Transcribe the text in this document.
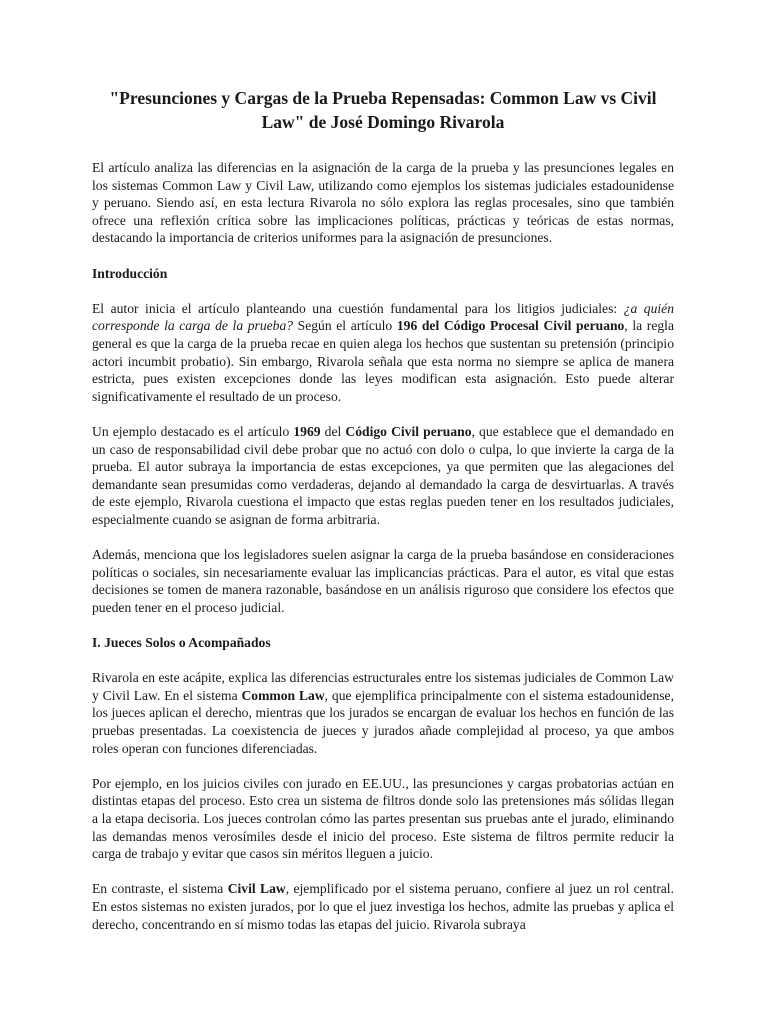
"Presunciones y Cargas de la Prueba Repensadas: Common Law vs Civil Law" de José Domingo Rivarola

El artículo analiza las diferencias en la asignación de la carga de la prueba y las presunciones legales en los sistemas Common Law y Civil Law, utilizando como ejemplos los sistemas judiciales estadounidense y peruano. Siendo así, en esta lectura Rivarola no sólo explora las reglas procesales, sino que también ofrece una reflexión crítica sobre las implicaciones políticas, prácticas y teóricas de estas normas, destacando la importancia de criterios uniformes para la asignación de presunciones.

Introducción

El autor inicia el artículo planteando una cuestión fundamental para los litigios judiciales: ¿a quién corresponde la carga de la prueba? Según el artículo 196 del Código Procesal Civil peruano, la regla general es que la carga de la prueba recae en quien alega los hechos que sustentan su pretensión (principio actori incumbit probatio). Sin embargo, Rivarola señala que esta norma no siempre se aplica de manera estricta, pues existen excepciones donde las leyes modifican esta asignación. Esto puede alterar significativamente el resultado de un proceso.

Un ejemplo destacado es el artículo 1969 del Código Civil peruano, que establece que el demandado en un caso de responsabilidad civil debe probar que no actuó con dolo o culpa, lo que invierte la carga de la prueba. El autor subraya la importancia de estas excepciones, ya que permiten que las alegaciones del demandante sean presumidas como verdaderas, dejando al demandado la carga de desvirtuarlas. A través de este ejemplo, Rivarola cuestiona el impacto que estas reglas pueden tener en los resultados judiciales, especialmente cuando se asignan de forma arbitraria.

Además, menciona que los legisladores suelen asignar la carga de la prueba basándose en consideraciones políticas o sociales, sin necesariamente evaluar las implicancias prácticas. Para el autor, es vital que estas decisiones se tomen de manera razonable, basándose en un análisis riguroso que considere los efectos que pueden tener en el proceso judicial.

I. Jueces Solos o Acompañados

Rivarola en este acápite, explica las diferencias estructurales entre los sistemas judiciales de Common Law y Civil Law. En el sistema Common Law, que ejemplifica principalmente con el sistema estadounidense, los jueces aplican el derecho, mientras que los jurados se encargan de evaluar los hechos en función de las pruebas presentadas. La coexistencia de jueces y jurados añade complejidad al proceso, ya que ambos roles operan con funciones diferenciadas.

Por ejemplo, en los juicios civiles con jurado en EE.UU., las presunciones y cargas probatorias actúan en distintas etapas del proceso. Esto crea un sistema de filtros donde solo las pretensiones más sólidas llegan a la etapa decisoria. Los jueces controlan cómo las partes presentan sus pruebas ante el jurado, eliminando las demandas menos verosímiles desde el inicio del proceso. Este sistema de filtros permite reducir la carga de trabajo y evitar que casos sin méritos lleguen a juicio.

En contraste, el sistema Civil Law, ejemplificado por el sistema peruano, confiere al juez un rol central. En estos sistemas no existen jurados, por lo que el juez investiga los hechos, admite las pruebas y aplica el derecho, concentrando en sí mismo todas las etapas del juicio. Rivarola subraya
